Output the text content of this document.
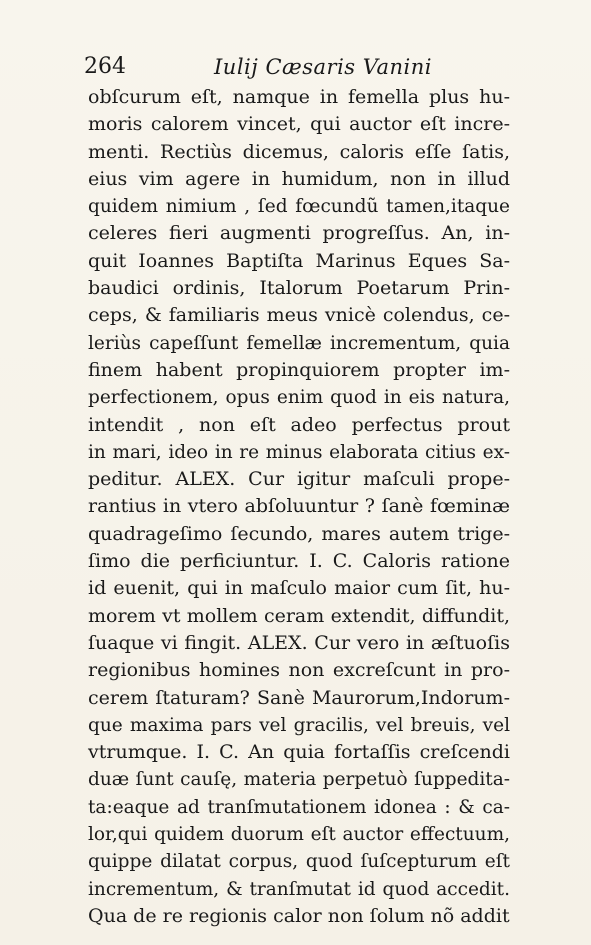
264	Iulij Cæsaris Vanini
obſcurum eſt, namque in femella plus hu-
moris calorem vincet, qui auctor eſt incre-
menti. Rectiùs dicemus, caloris eſſe ſatis,
eius vim agere in humidum, non in illud
quidem nimium , ſed fœcundũ tamen,itaque
celeres fieri augmenti progreſſus. An, in-
quit Ioannes Baptiſta Marinus Eques Sa-
baudici ordinis, Italorum Poetarum Prin-
ceps, & familiaris meus vnicè colendus, ce-
leriùs capeſſunt femellæ incrementum, quia
finem habent propinquiorem propter im-
perfectionem, opus enim quod in eis natura,
intendit , non eſt adeo perfectus prout
in mari, ideo in re minus elaborata citius ex-
peditur. ALEX. Cur igitur maſculi prope-
rantius in vtero abſoluuntur ? ſanè fœminæ
quadrageſimo ſecundo, mares autem trige-
ſimo die perficiuntur. I. C. Caloris ratione
id euenit, qui in maſculo maior cum ſit, hu-
morem vt mollem ceram extendit, diffundit,
ſuaque vi fingit. ALEX. Cur vero in æſtuoſis
regionibus homines non excreſcunt in pro-
cerem ſtaturam? Sanè Maurorum,Indorum-
que maxima pars vel gracilis, vel breuis, vel
vtrumque. I. C. An quia fortaſſis creſcendi
duæ ſunt cauſę, materia perpetuò ſuppedita-
ta:eaque ad tranſmutationem idonea : & ca-
lor,qui quidem duorum eſt auctor effectuum,
quippe dilatat corpus, quod ſuſcepturum eſt
incrementum, & tranſmutat id quod accedit.
Qua de re regionis calor non ſolum nõ addit
